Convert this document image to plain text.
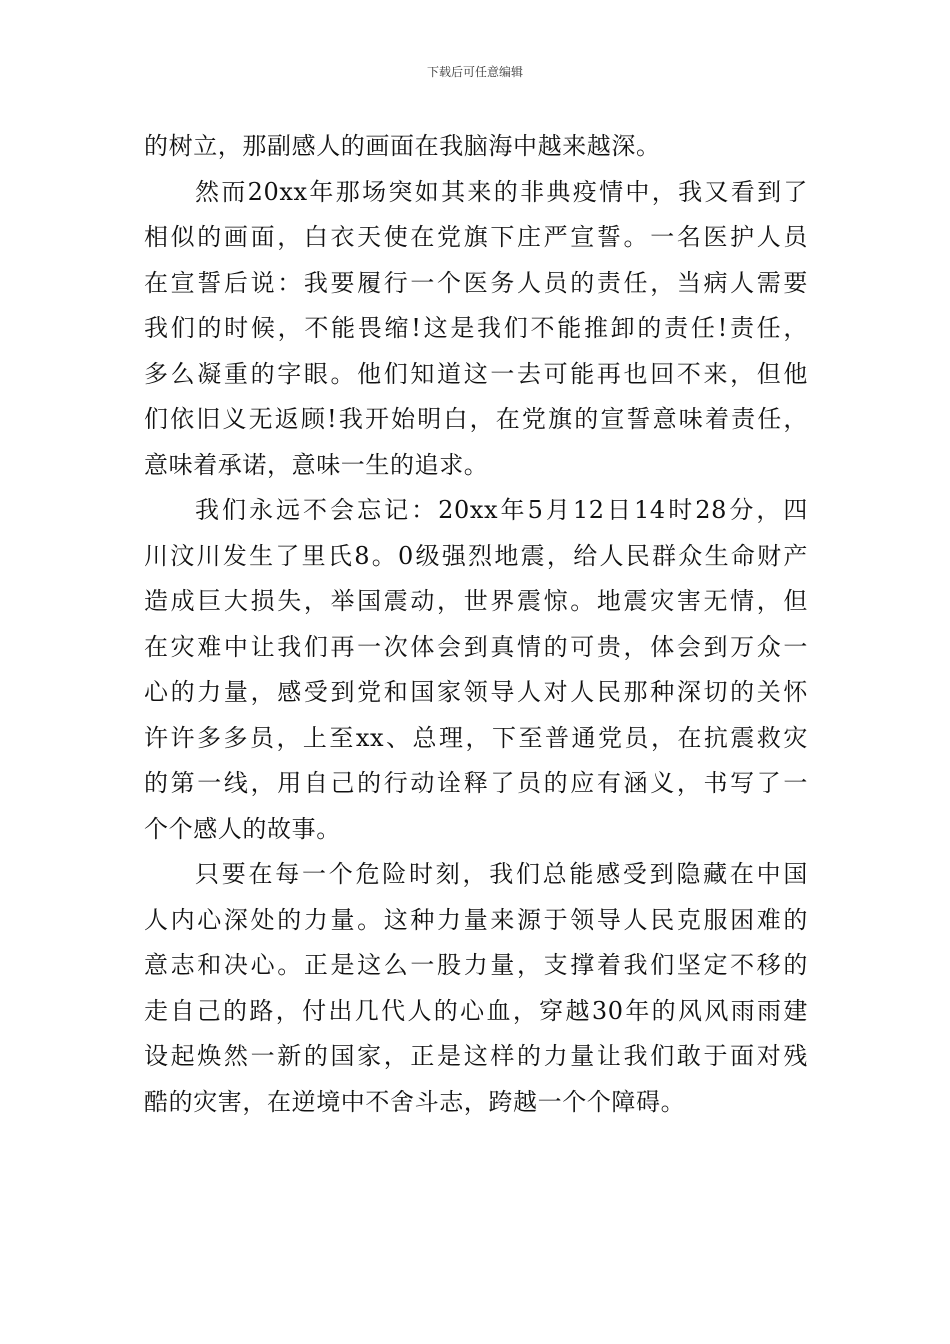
下载后可任意编辑
的树立，那副感人的画面在我脑海中越来越深。
然而20xx年那场突如其来的非典疫情中，我又看到了
相似的画面，白衣天使在党旗下庄严宣誓。一名医护人员
在宣誓后说：我要履行一个医务人员的责任，当病人需要
我们的时候，不能畏缩!这是我们不能推卸的责任!责任，
多么凝重的字眼。他们知道这一去可能再也回不来，但他
们依旧义无返顾!我开始明白，在党旗的宣誓意味着责任，
意味着承诺，意味一生的追求。
我们永远不会忘记：20xx年5月12日14时28分，四
川汶川发生了里氏8。0级强烈地震，给人民群众生命财产
造成巨大损失，举国震动，世界震惊。地震灾害无情，但
在灾难中让我们再一次体会到真情的可贵，体会到万众一
心的力量，感受到党和国家领导人对人民那种深切的关怀
许许多多员，上至xx、总理，下至普通党员，在抗震救灾
的第一线，用自己的行动诠释了员的应有涵义，书写了一
个个感人的故事。
只要在每一个危险时刻，我们总能感受到隐藏在中国
人内心深处的力量。这种力量来源于领导人民克服困难的
意志和决心。正是这么一股力量，支撑着我们坚定不移的
走自己的路，付出几代人的心血，穿越30年的风风雨雨建
设起焕然一新的国家，正是这样的力量让我们敢于面对残
酷的灾害，在逆境中不舍斗志，跨越一个个障碍。
